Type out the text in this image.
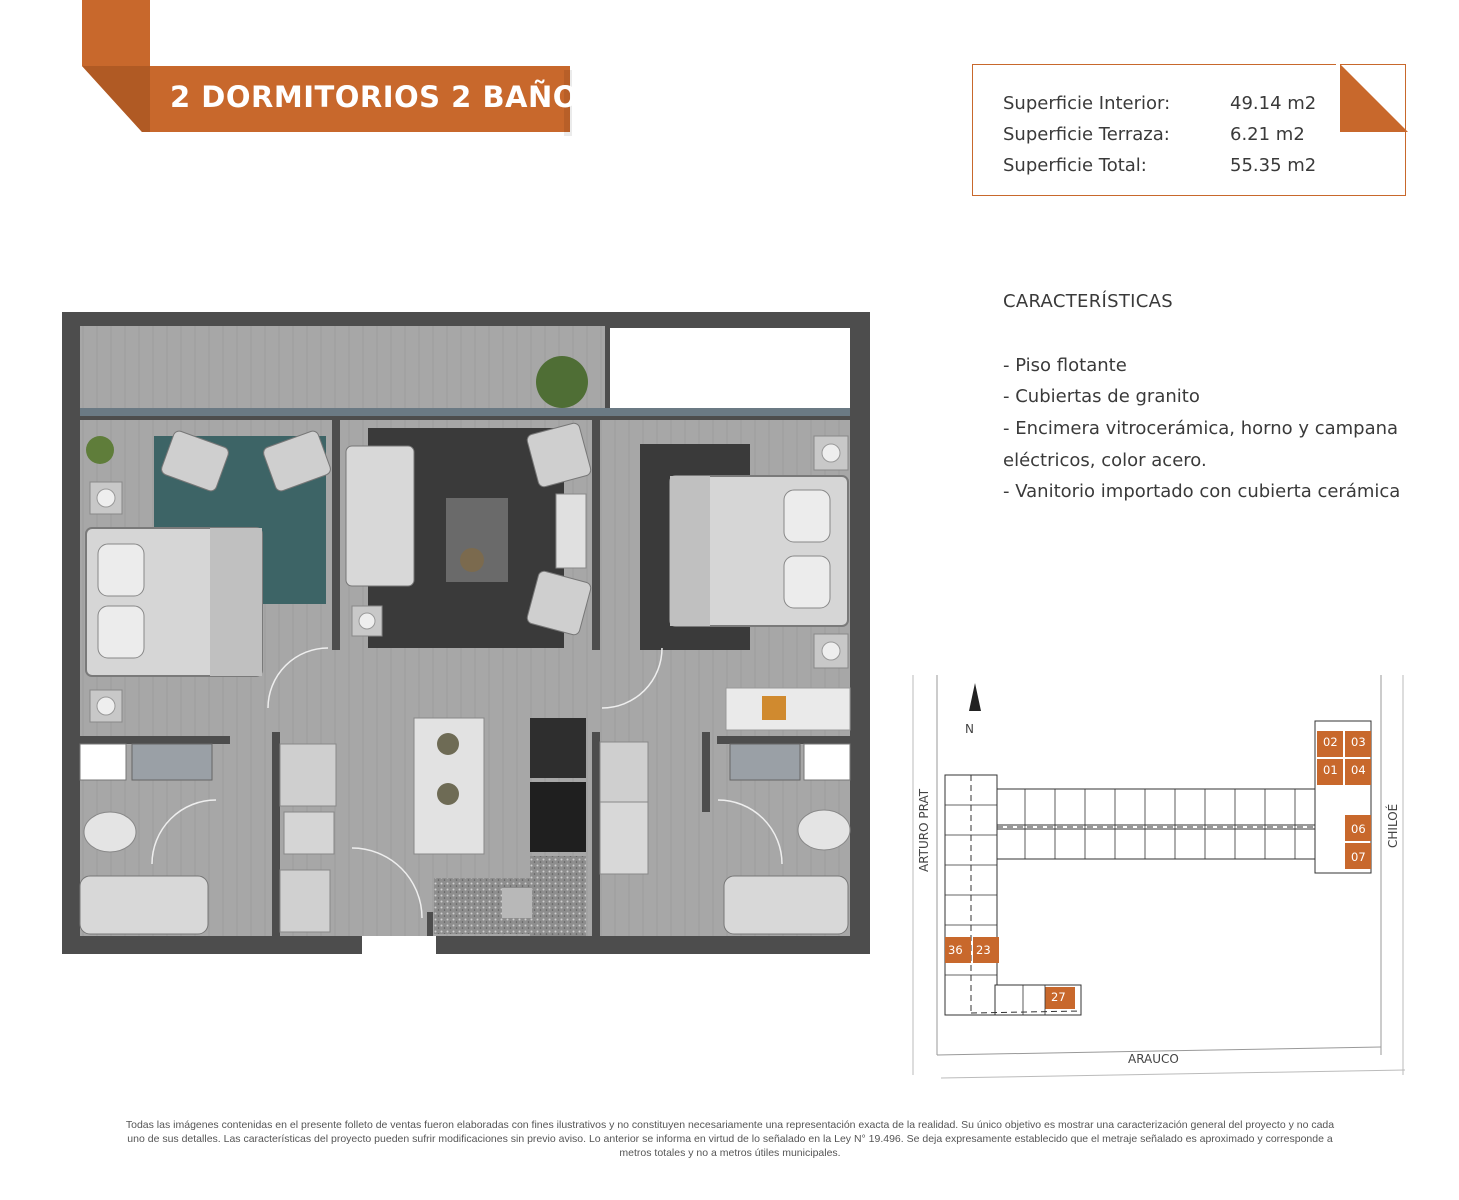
2 DORMITORIOS 2 BAÑOS	Superficie Interior:	49.14 m2
Superficie Terraza:	6.21 m2
Superficie Total:	55.35 m2
CARACTERÍSTICAS
- Piso flotante
- Cubiertas de granito
- Encimera vitrocerámica, horno y campana
eléctricos, color acero.
- Vanitorio importado con cubierta cerámica
N
ARTURO PRAT	CHILOÉ
ARAUCO
02 03
01 04
06
07
36 23
27
Todas las imágenes contenidas en el presente folleto de ventas fueron elaboradas con fines ilustrativos y no constituyen necesariamente una representación exacta de la realidad. Su único objetivo es mostrar una caracterización general del proyecto y no cada
uno de sus detalles. Las características del proyecto pueden sufrir modificaciones sin previo aviso. Lo anterior se informa en virtud de lo señalado en la Ley N° 19.496. Se deja expresamente establecido que el metraje señalado es aproximado y corresponde a
metros totales y no a metros útiles municipales.
